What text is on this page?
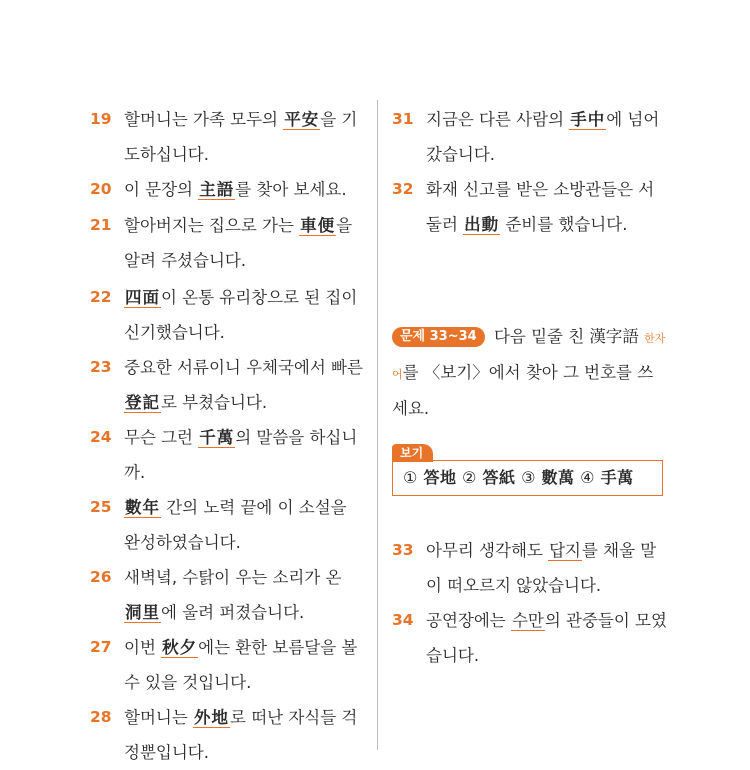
19 할머니는 가족 모두의 平安을 기도하십니다.
20 이 문장의 主語를 찾아 보세요.
21 할아버지는 집으로 가는 車便을 알려 주셨습니다.
22 四面이 온통 유리창으로 된 집이 신기했습니다.
23 중요한 서류이니 우체국에서 빠른 登記로 부쳤습니다.
24 무슨 그런 千萬의 말씀을 하십니까.
25 數年 간의 노력 끝에 이 소설을 완성하였습니다.
26 새벽녘, 수탉이 우는 소리가 온 洞里에 울려 퍼졌습니다.
27 이번 秋夕에는 환한 보름달을 볼 수 있을 것입니다.
28 할머니는 外地로 떠난 자식들 걱정뿐입니다.
31 지금은 다른 사람의 手中에 넘어갔습니다.
32 화재 신고를 받은 소방관들은 서둘러 出動 준비를 했습니다.
문제 33~34 다음 밑줄 친 漢字語 한자어를 〈보기〉에서 찾아 그 번호를 쓰세요.
보기
① 答地 ② 答紙 ③ 數萬 ④ 手萬
33 아무리 생각해도 답지를 채울 말이 떠오르지 않았습니다.
34 공연장에는 수만의 관중들이 모였습니다.
